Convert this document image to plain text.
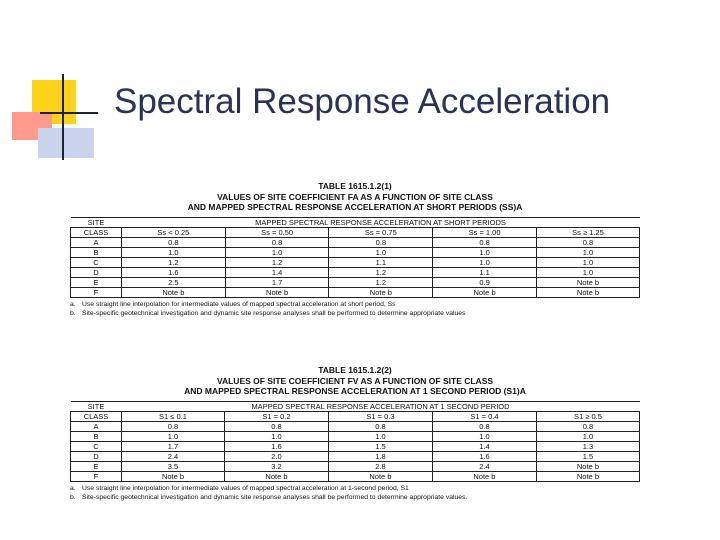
Spectral Response Acceleration
TABLE 1615.1.2(1)
VALUES OF SITE COEFFICIENT FA AS A FUNCTION OF SITE CLASS
AND MAPPED SPECTRAL RESPONSE ACCELERATION AT SHORT PERIODS (SS)A
SITE	MAPPED SPECTRAL RESPONSE ACCELERATION AT SHORT PERIODS				
CLASS	Ss < 0.25	Ss = 0.50	Ss = 0.75	Ss = 1.00	Ss ≥ 1.25
A	0.8	0.8	0.8	0.8	0.8
B	1.0	1.0	1.0	1.0	1.0
C	1.2	1.2	1.1	1.0	1.0
D	1.6	1.4	1.2	1.1	1.0
E	2.5	1.7	1.2	0.9	Note b
F	Note b	Note b	Note b	Note b	Note b
a. Use straight line interpolation for intermediate values of mapped spectral acceleration at short period, Ss
b. Site-specific geotechnical investigation and dynamic site response analyses shall be performed to determine appropriate values
TABLE 1615.1.2(2)
VALUES OF SITE COEFFICIENT FV AS A FUNCTION OF SITE CLASS
AND MAPPED SPECTRAL RESPONSE ACCELERATION AT 1 SECOND PERIOD (S1)A
SITE	MAPPED SPECTRAL RESPONSE ACCELERATION AT 1 SECOND PERIOD				
CLASS	S1 ≤ 0.1	S1 = 0.2	S1 = 0.3	S1 = 0.4	S1 ≥ 0.5
A	0.8	0.8	0.8	0.8	0.8
B	1.0	1.0	1.0	1.0	1.0
C	1.7	1.6	1.5	1.4	1.3
D	2.4	2.0	1.8	1.6	1.5
E	3.5	3.2	2.8	2.4	Note b
F	Note b	Note b	Note b	Note b	Note b
a. Use straight line interpolation for intermediate values of mapped spectral acceleration at 1-second period, S1
b. Site-specific geotechnical investigation and dynamic site response analyses shall be performed to determine appropriate values.
